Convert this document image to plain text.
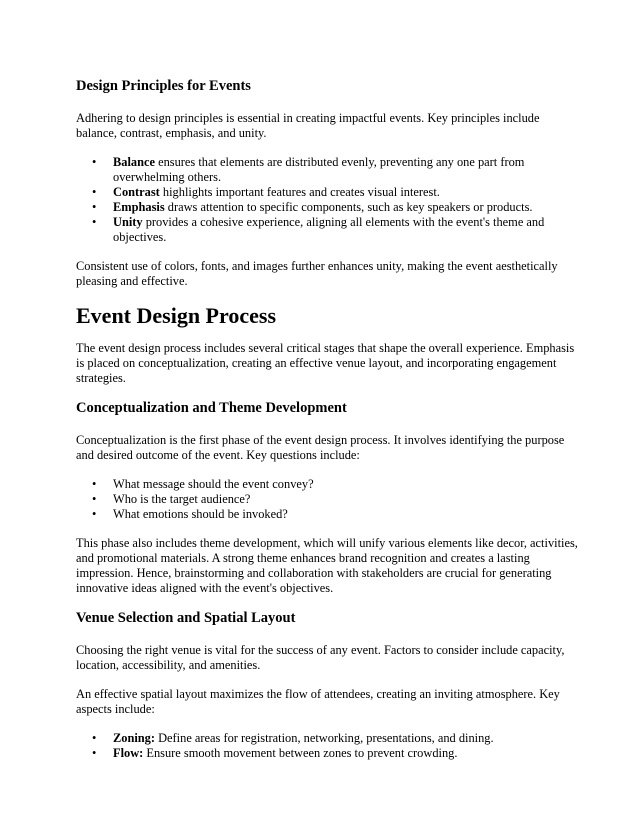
Design Principles for Events

Adhering to design principles is essential in creating impactful events. Key principles include balance, contrast, emphasis, and unity.

• Balance ensures that elements are distributed evenly, preventing any one part from overwhelming others.
• Contrast highlights important features and creates visual interest.
• Emphasis draws attention to specific components, such as key speakers or products.
• Unity provides a cohesive experience, aligning all elements with the event's theme and objectives.

Consistent use of colors, fonts, and images further enhances unity, making the event aesthetically pleasing and effective.

Event Design Process

The event design process includes several critical stages that shape the overall experience. Emphasis is placed on conceptualization, creating an effective venue layout, and incorporating engagement strategies.

Conceptualization and Theme Development

Conceptualization is the first phase of the event design process. It involves identifying the purpose and desired outcome of the event. Key questions include:

• What message should the event convey?
• Who is the target audience?
• What emotions should be invoked?

This phase also includes theme development, which will unify various elements like decor, activities, and promotional materials. A strong theme enhances brand recognition and creates a lasting impression. Hence, brainstorming and collaboration with stakeholders are crucial for generating innovative ideas aligned with the event's objectives.

Venue Selection and Spatial Layout

Choosing the right venue is vital for the success of any event. Factors to consider include capacity, location, accessibility, and amenities.

An effective spatial layout maximizes the flow of attendees, creating an inviting atmosphere. Key aspects include:

• Zoning: Define areas for registration, networking, presentations, and dining.
• Flow: Ensure smooth movement between zones to prevent crowding.
